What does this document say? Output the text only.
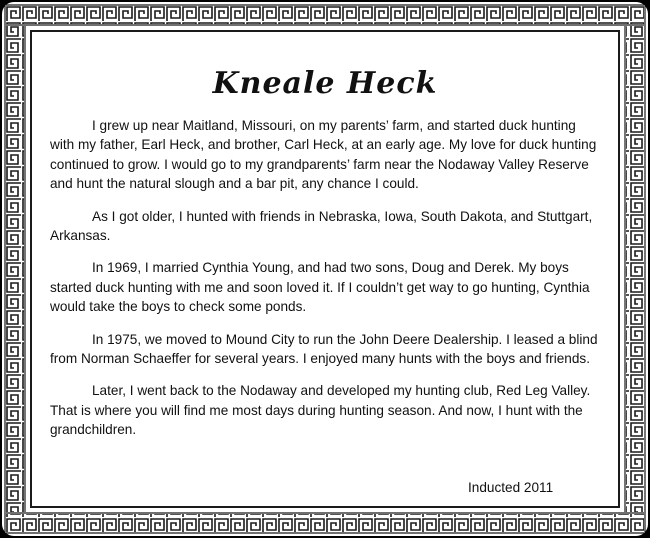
Kneale Heck

I grew up near Maitland, Missouri, on my parents’ farm, and started duck hunting with my father, Earl Heck, and brother, Carl Heck, at an early age. My love for duck hunting continued to grow. I would go to my grandparents’ farm near the Nodaway Valley Reserve and hunt the natural slough and a bar pit, any chance I could.

As I got older, I hunted with friends in Nebraska, Iowa, South Dakota, and Stuttgart, Arkansas.

In 1969, I married Cynthia Young, and had two sons, Doug and Derek. My boys started duck hunting with me and soon loved it. If I couldn’t get way to go hunting, Cynthia would take the boys to check some ponds.

In 1975, we moved to Mound City to run the John Deere Dealership. I leased a blind from Norman Schaeffer for several years. I enjoyed many hunts with the boys and friends.

Later, I went back to the Nodaway and developed my hunting club, Red Leg Valley. That is where you will find me most days during hunting season. And now, I hunt with the grandchildren.

Inducted 2011
